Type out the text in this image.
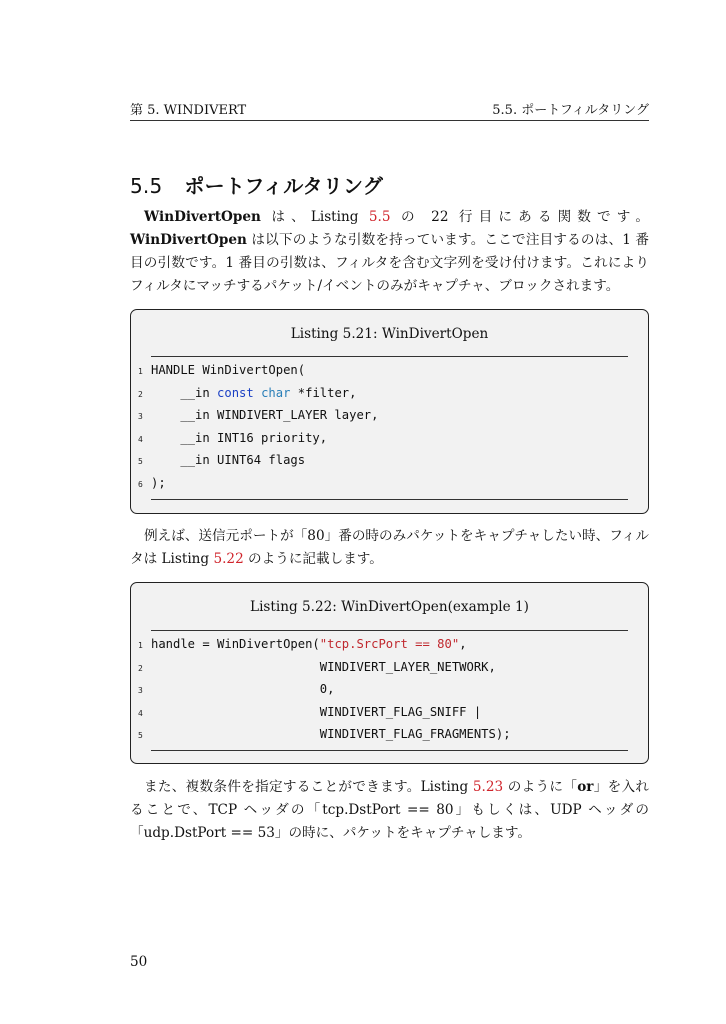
第 5. WINDIVERT	5.5. ポートフィルタリング
5.5 ポートフィルタリング

WinDivertOpen は、Listing 5.5 の 22 行目にある関数です。WinDivertOpen は以下のような引数を持っています。ここで注目するのは、1 番目の引数です。1 番目の引数は、フィルタを含む文字列を受け付けます。これによりフィルタにマッチするパケット/イベントのみがキャプチャ、ブロックされます。

Listing 5.21: WinDivertOpen
1 HANDLE WinDivertOpen(
2 __in const char *filter,
3 __in WINDIVERT_LAYER layer,
4 __in INT16 priority,
5 __in UINT64 flags
6 );

例えば、送信元ポートが「80」番の時のみパケットをキャプチャしたい時、フィルタは Listing 5.22 のように記載します。

Listing 5.22: WinDivertOpen(example 1)
1 handle = WinDivertOpen("tcp.SrcPort == 80",
2 WINDIVERT_LAYER_NETWORK,
3 0,
4 WINDIVERT_FLAG_SNIFF |
5 WINDIVERT_FLAG_FRAGMENTS);

また、複数条件を指定することができます。Listing 5.23 のように「or」を入れることで、TCP ヘッダの「tcp.DstPort == 80」もしくは、UDP ヘッダの「udp.DstPort == 53」の時に、パケットをキャプチャします。

50
